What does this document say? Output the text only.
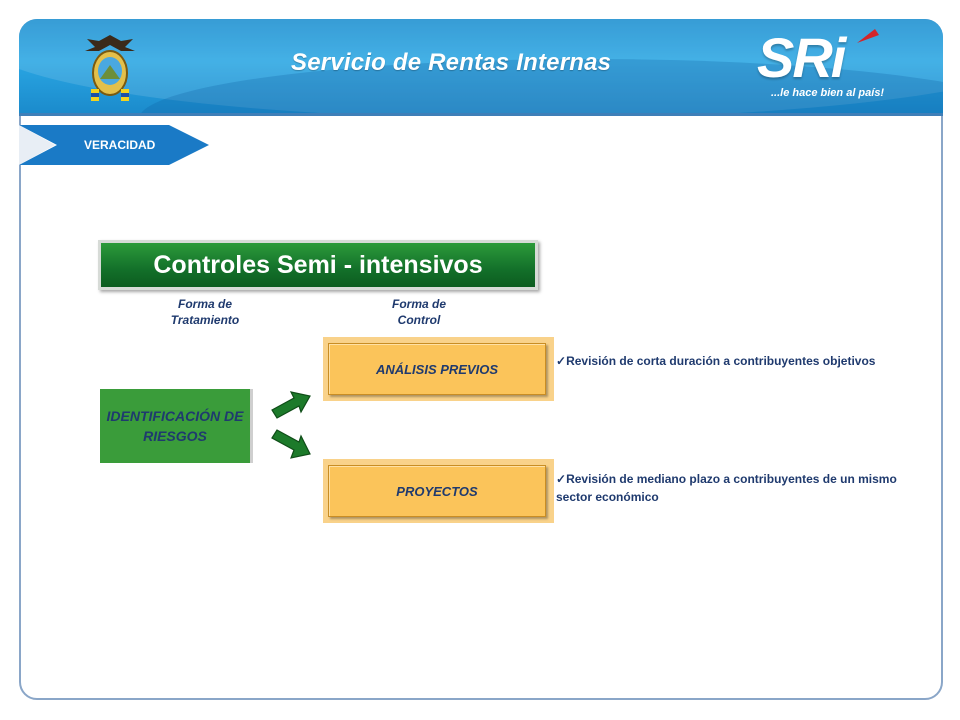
Servicio de Rentas Internas	SRi
...le hace bien al país!
VERACIDAD
Controles Semi - intensivos
Forma de Tratamiento
Forma de Control
IDENTIFICACIÓN DE RIESGOS
ANÁLISIS PREVIOS
PROYECTOS
✓Revisión de corta duración a contribuyentes objetivos
✓Revisión de mediano plazo a contribuyentes de un mismo sector económico
